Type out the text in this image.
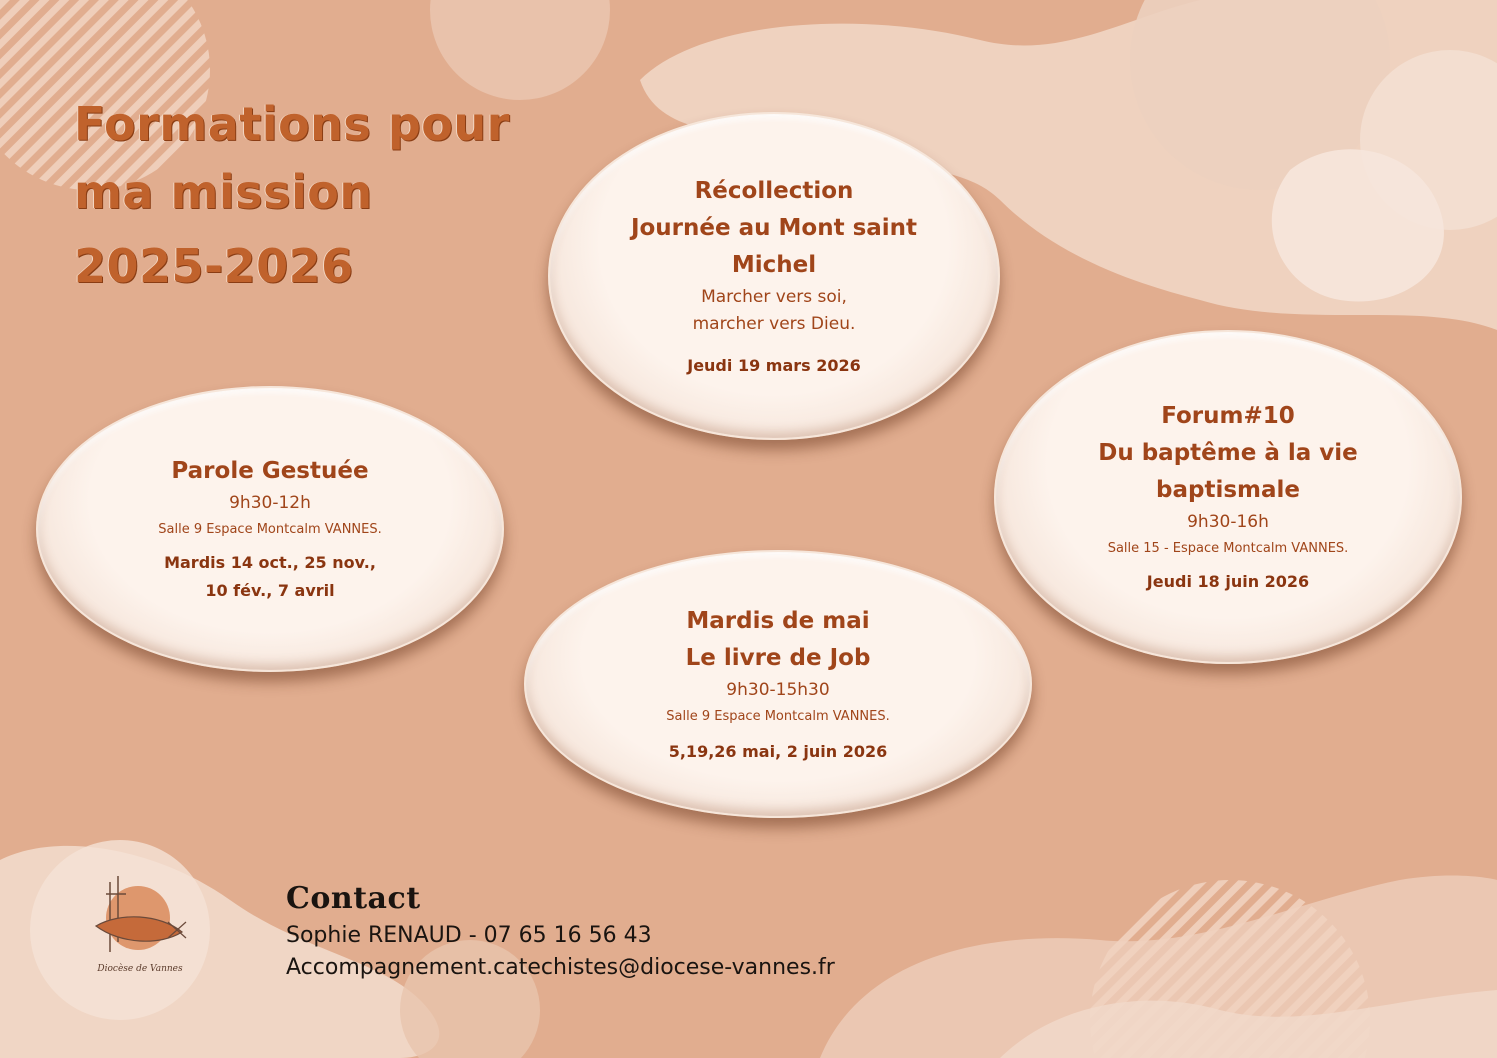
Formations pour
ma mission
2025-2026
Récollection
Journée au Mont saint
Michel
Marcher vers soi,
marcher vers Dieu.
Jeudi 19 mars 2026
Parole Gestuée
9h30-12h
Salle 9 Espace Montcalm VANNES.
Mardis 14 oct., 25 nov.,
10 fév., 7 avril
Forum#10
Du baptême à la vie
baptismale
9h30-16h
Salle 15 - Espace Montcalm VANNES.
Jeudi 18 juin 2026
Mardis de mai
Le livre de Job
9h30-15h30
Salle 9 Espace Montcalm VANNES.
5,19,26 mai, 2 juin 2026
Diocèse de Vannes
Contact
Sophie RENAUD - 07 65 16 56 43
Accompagnement.catechistes@diocese-vannes.fr
